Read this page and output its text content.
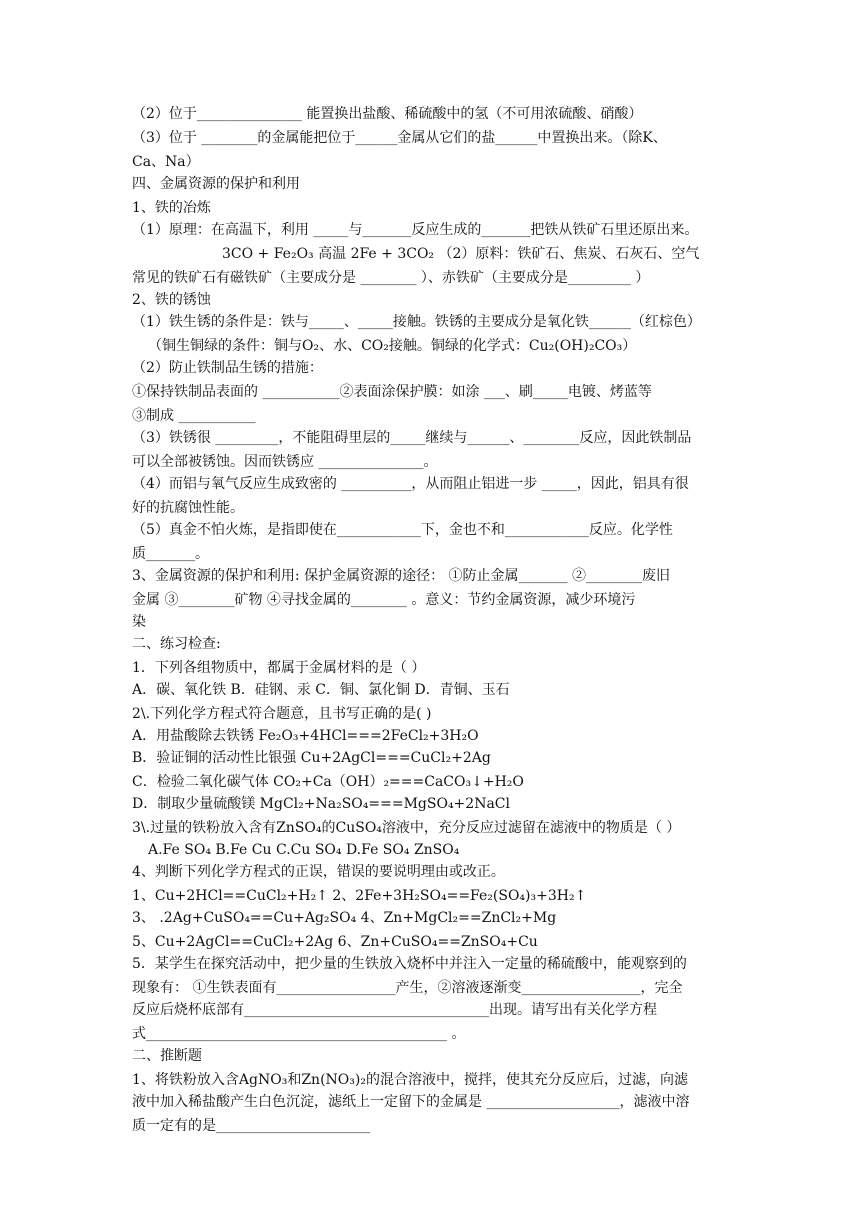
（2）位于_______________ 能置换出盐酸、稀硫酸中的氢（不可用浓硫酸、硝酸）
（3）位于 ________的金属能把位于______金属从它们的盐______中置换出来。（除K、
Ca、Na）
四、金属资源的保护和利用
1、铁的冶炼
（1）原理：在高温下，利用 _____与_______反应生成的_______把铁从铁矿石里还原出来。
3CO + Fe₂O₃ 高温 2Fe + 3CO₂ （2）原料：铁矿石、焦炭、石灰石、空气
常见的铁矿石有磁铁矿（主要成分是 ________ ）、赤铁矿（主要成分是_________ ）
2、铁的锈蚀
（1）铁生锈的条件是：铁与_____、_____接触。铁锈的主要成分是氧化铁______（红棕色）
（铜生铜绿的条件：铜与O₂、水、CO₂接触。铜绿的化学式：Cu₂(OH)₂CO₃）
（2）防止铁制品生锈的措施：
①保持铁制品表面的 ___________②表面涂保护膜：如涂 ___、刷_____电镀、烤蓝等
③制成 ___________
（3）铁锈很 _________，不能阻碍里层的_____继续与______、________反应，因此铁制品
可以全部被锈蚀。因而铁锈应 _______________。
（4）而铝与氧气反应生成致密的 __________，从而阻止铝进一步 _____，因此，铝具有很
好的抗腐蚀性能。
（5）真金不怕火炼，是指即使在____________下，金也不和____________反应。化学性
质_______。
3、金属资源的保护和利用: 保护金属资源的途径： ①防止金属_______ ②________废旧
金属 ③________矿物 ④寻找金属的________ 。意义：节约金属资源，减少环境污
染
二、练习检查:
1．下列各组物质中，都属于金属材料的是（ ）
A．碳、氧化铁 B．硅钢、汞 C．铜、氯化铜 D．青铜、玉石
2\.下列化学方程式符合题意，且书写正确的是( )
A．用盐酸除去铁锈 Fe₂O₃+4HCl===2FeCl₂+3H₂O
B．验证铜的活动性比银强 Cu+2AgCl===CuCl₂+2Ag
C．检验二氧化碳气体 CO₂+Ca（OH）₂===CaCO₃↓+H₂O
D．制取少量硫酸镁 MgCl₂+Na₂SO₄===MgSO₄+2NaCl
3\.过量的铁粉放入含有ZnSO₄的CuSO₄溶液中，充分反应过滤留在滤液中的物质是（ ）
A.Fe SO₄ B.Fe Cu C.Cu SO₄ D.Fe SO₄ ZnSO₄
4、判断下列化学方程式的正误，错误的要说明理由或改正。
1、Cu+2HCl==CuCl₂+H₂↑ 2、2Fe+3H₂SO₄==Fe₂(SO₄)₃+3H₂↑
3、 .2Ag+CuSO₄==Cu+Ag₂SO₄ 4、Zn+MgCl₂==ZnCl₂+Mg
5、Cu+2AgCl==CuCl₂+2Ag 6、Zn+CuSO₄==ZnSO₄+Cu
5．某学生在探究活动中，把少量的生铁放入烧杯中并注入一定量的稀硫酸中，能观察到的
现象有： ①生铁表面有_________________产生，②溶液逐渐变_________________，完全
反应后烧杯底部有___________________________________出现。请写出有关化学方程
式___________________________________________ 。
二、推断题
1、将铁粉放入含AgNO₃和Zn(NO₃)₂的混合溶液中，搅拌，使其充分反应后，过滤，向滤
液中加入稀盐酸产生白色沉淀，滤纸上一定留下的金属是 ___________________，滤液中溶
质一定有的是______________________
